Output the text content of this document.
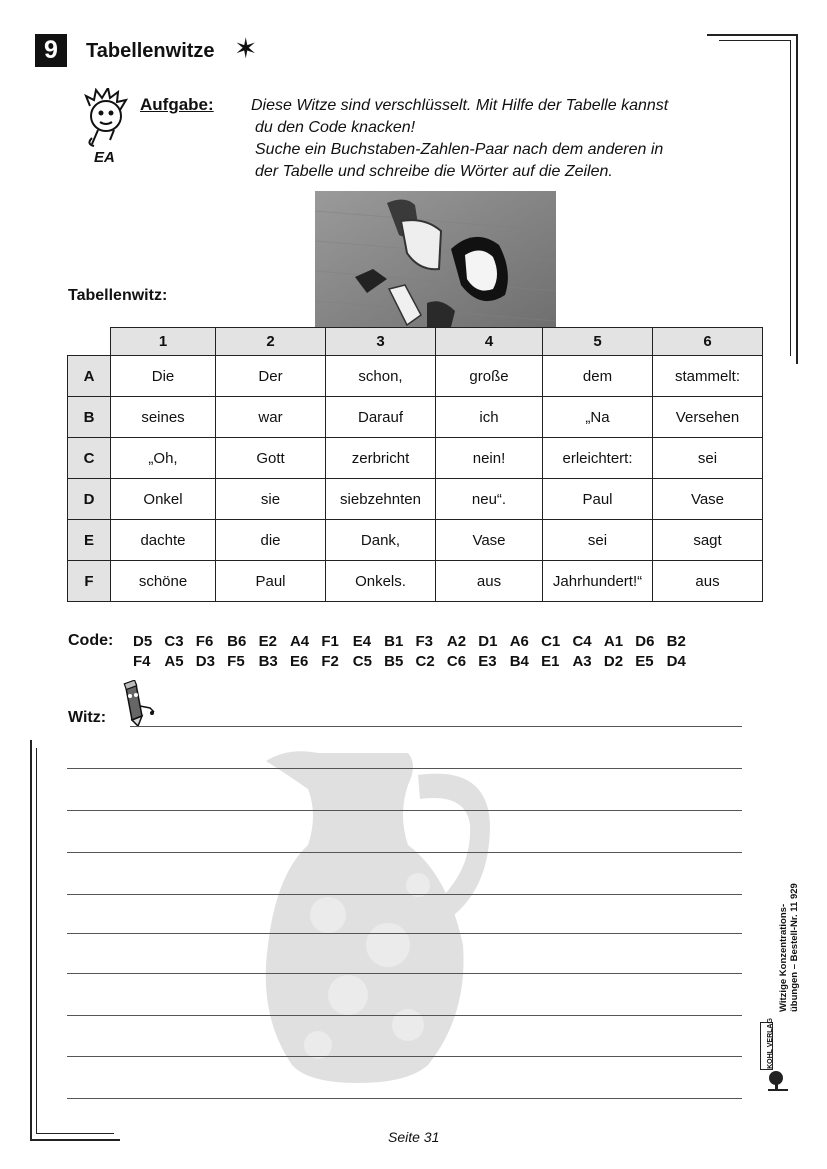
9	Tabellenwitze ✶
EA
Aufgabe: Diese Witze sind verschlüsselt. Mit Hilfe der Tabelle kannst
du den Code knacken!
Suche ein Buchstaben-Zahlen-Paar nach dem anderen in
der Tabelle und schreibe die Wörter auf die Zeilen.
Tabellenwitz:
	1	2	3	4	5	6
A	Die	Der	schon,	große	dem	stammelt:
B	seines	war	Darauf	ich	„Na	Versehen
C	„Oh,	Gott	zerbricht	nein!	erleichtert:	sei
D	Onkel	sie	siebzehnten	neu“.	Paul	Vase
E	dachte	die	Dank,	Vase	sei	sagt
F	schöne	Paul	Onkels.	aus	Jahrhundert!“	aus
Code: D5 C3 F6 B6 E2 A4 F1 E4 B1 F3 A2 D1 A6 C1 C4 A1 D6 B2
F4 A5 D3 F5 B3 E6 F2 C5 B5 C2 C6 E3 B4 E1 A3 D2 E5 D4
Witz:
Witzige Konzentrations- übungen – Bestell-Nr. 11 929
KOHL VERLAG
Seite 31
